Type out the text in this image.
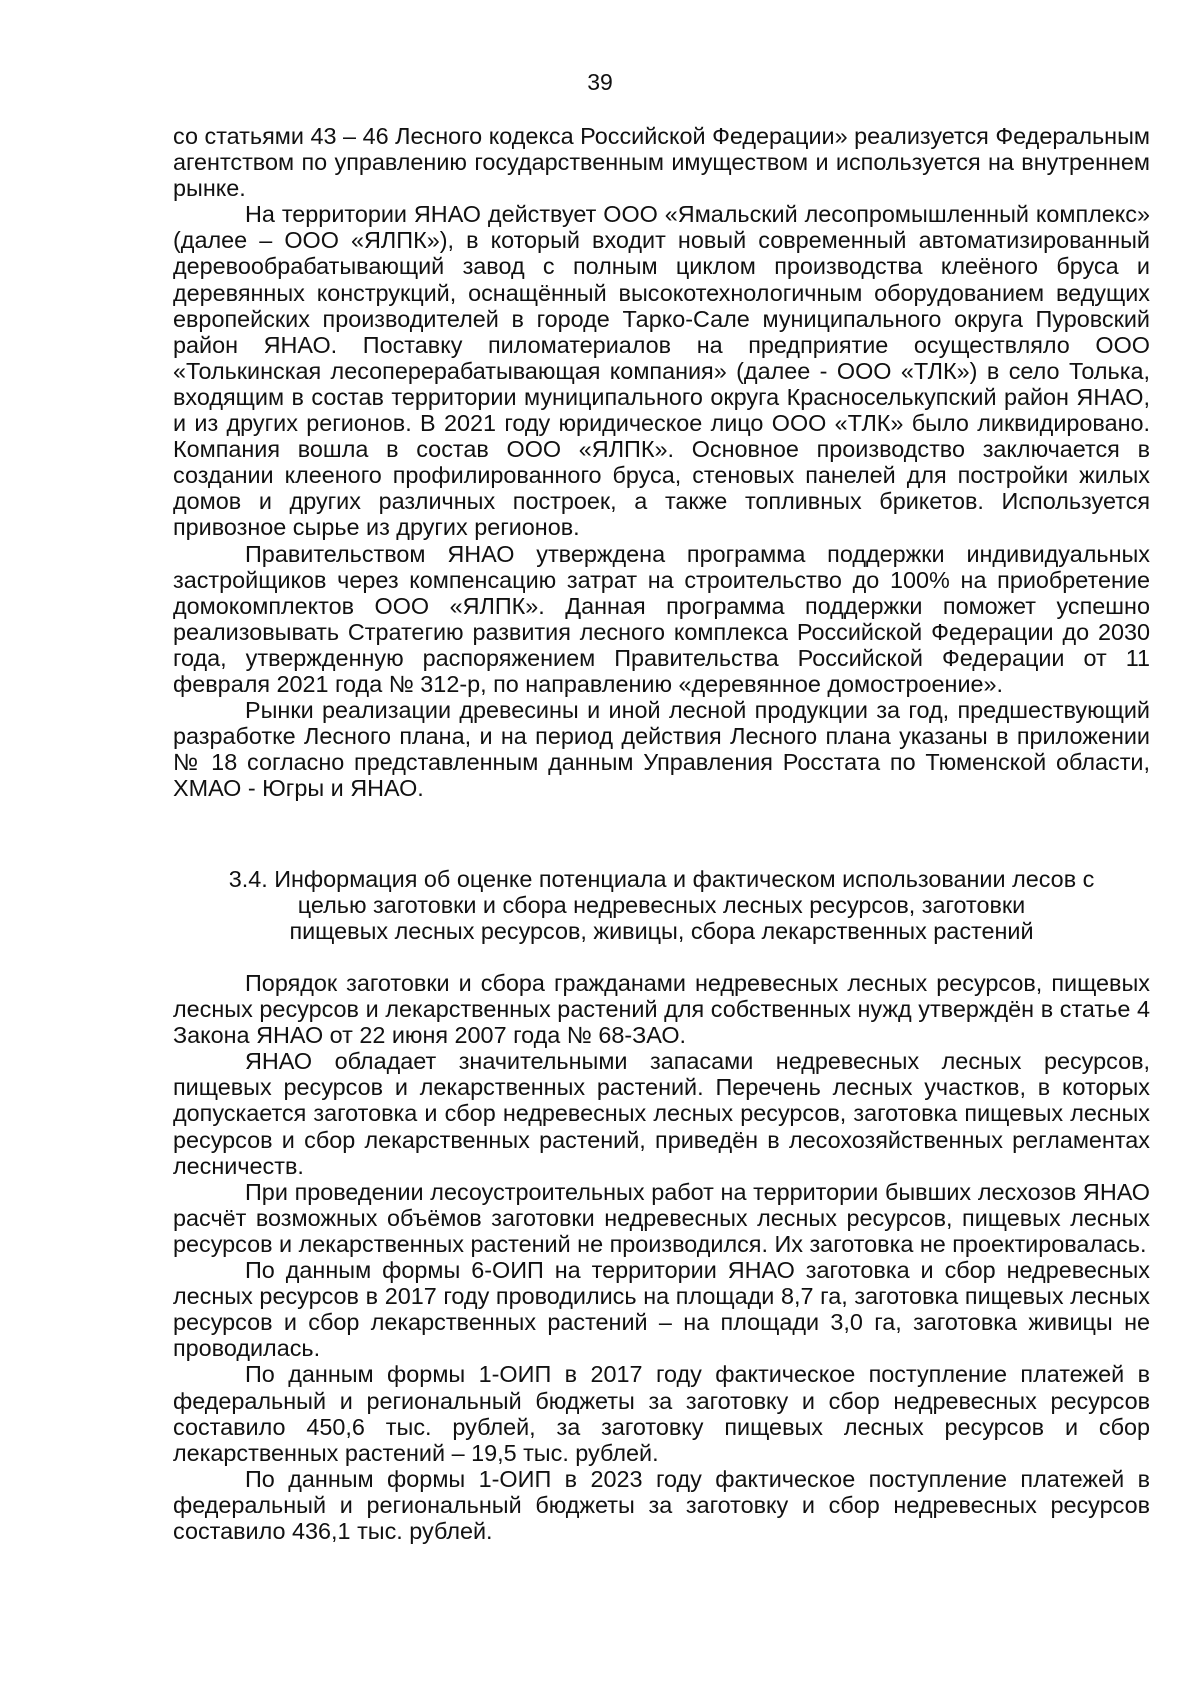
39

со статьями 43 – 46 Лесного кодекса Российской Федерации» реализуется Федеральным агентством по управлению государственным имуществом и используется на внутреннем рынке.

На территории ЯНАО действует ООО «Ямальский лесопромышленный комплекс» (далее – ООО «ЯЛПК»), в который входит новый современный автоматизированный деревообрабатывающий завод с полным циклом производства клеёного бруса и деревянных конструкций, оснащённый высокотехнологичным оборудованием ведущих европейских производителей в городе Тарко-Сале муниципального округа Пуровский район ЯНАО. Поставку пиломатериалов на предприятие осуществляло ООО «Толькинская лесоперерабатывающая компания» (далее - ООО «ТЛК») в село Толька, входящим в состав территории муниципального округа Красноселькупский район ЯНАО, и из других регионов. В 2021 году юридическое лицо ООО «ТЛК» было ликвидировано. Компания вошла в состав ООО «ЯЛПК». Основное производство заключается в создании клееного профилированного бруса, стеновых панелей для постройки жилых домов и других различных построек, а также топливных брикетов. Используется привозное сырье из других регионов.

Правительством ЯНАО утверждена программа поддержки индивидуальных застройщиков через компенсацию затрат на строительство до 100% на приобретение домокомплектов ООО «ЯЛПК». Данная программа поддержки поможет успешно реализовывать Стратегию развития лесного комплекса Российской Федерации до 2030 года, утвержденную распоряжением Правительства Российской Федерации от 11 февраля 2021 года № 312-р, по направлению «деревянное домостроение».

Рынки реализации древесины и иной лесной продукции за год, предшествующий разработке Лесного плана, и на период действия Лесного плана указаны в приложении № 18 согласно представленным данным Управления Росстата по Тюменской области, ХМАО - Югры и ЯНАО.

3.4. Информация об оценке потенциала и фактическом использовании лесов с
целью заготовки и сбора недревесных лесных ресурсов, заготовки
пищевых лесных ресурсов, живицы, сбора лекарственных растений

Порядок заготовки и сбора гражданами недревесных лесных ресурсов, пищевых лесных ресурсов и лекарственных растений для собственных нужд утверждён в статье 4 Закона ЯНАО от 22 июня 2007 года № 68-ЗАО.

ЯНАО обладает значительными запасами недревесных лесных ресурсов, пищевых ресурсов и лекарственных растений. Перечень лесных участков, в которых допускается заготовка и сбор недревесных лесных ресурсов, заготовка пищевых лесных ресурсов и сбор лекарственных растений, приведён в лесохозяйственных регламентах лесничеств.

При проведении лесоустроительных работ на территории бывших лесхозов ЯНАО расчёт возможных объёмов заготовки недревесных лесных ресурсов, пищевых лесных ресурсов и лекарственных растений не производился. Их заготовка не проектировалась.

По данным формы 6-ОИП на территории ЯНАО заготовка и сбор недревесных лесных ресурсов в 2017 году проводились на площади 8,7 га, заготовка пищевых лесных ресурсов и сбор лекарственных растений – на площади 3,0 га, заготовка живицы не проводилась.

По данным формы 1-ОИП в 2017 году фактическое поступление платежей в федеральный и региональный бюджеты за заготовку и сбор недревесных ресурсов составило 450,6 тыс. рублей, за заготовку пищевых лесных ресурсов и сбор лекарственных растений – 19,5 тыс. рублей.

По данным формы 1-ОИП в 2023 году фактическое поступление платежей в федеральный и региональный бюджеты за заготовку и сбор недревесных ресурсов составило 436,1 тыс. рублей.
